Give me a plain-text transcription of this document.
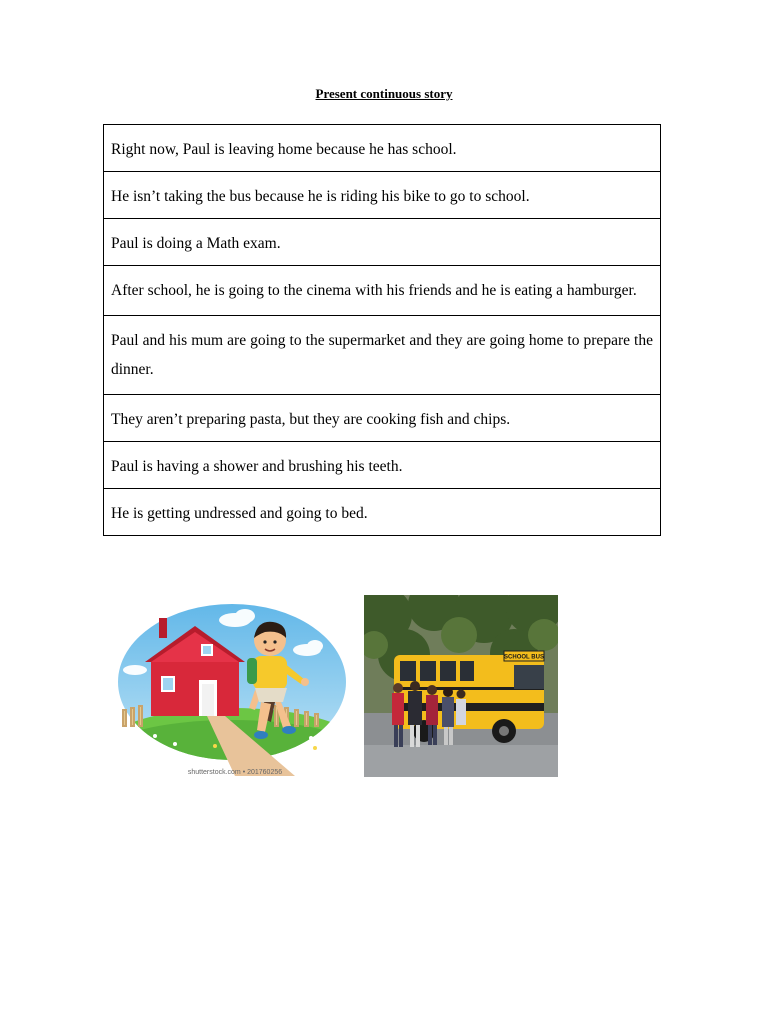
Present continuous story
Right now, Paul is leaving home because he has school.
He isn’t taking the bus because he is riding his bike to go to school.
Paul is doing a Math exam.
After school, he is going to the cinema with his friends and he is eating a hamburger.
Paul and his mum are going to the supermarket and they are going home to prepare the dinner.
They aren’t preparing pasta, but they are cooking fish and chips.
Paul is having a shower and brushing his teeth.
He is getting undressed and going to bed.
shutterstock.com • 201760256
SCHOOL BUS
